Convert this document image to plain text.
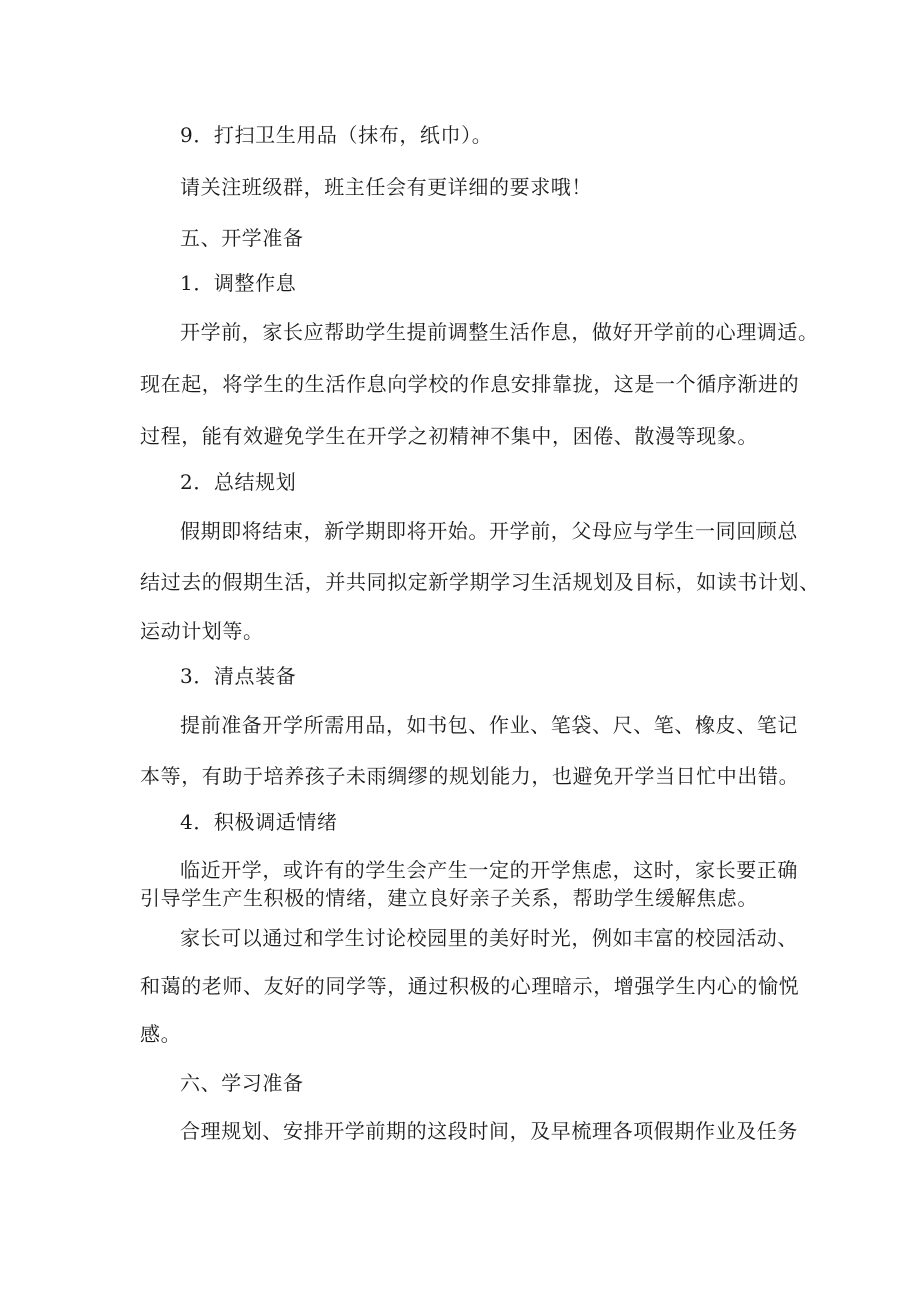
9．打扫卫生用品（抹布，纸巾）。
请关注班级群，班主任会有更详细的要求哦！
五、开学准备
1．调整作息
开学前，家长应帮助学生提前调整生活作息，做好开学前的心理调适。
现在起，将学生的生活作息向学校的作息安排靠拢，这是一个循序渐进的
过程，能有效避免学生在开学之初精神不集中，困倦、散漫等现象。
2．总结规划
假期即将结束，新学期即将开始。开学前，父母应与学生一同回顾总
结过去的假期生活，并共同拟定新学期学习生活规划及目标，如读书计划、
运动计划等。
3．清点装备
提前准备开学所需用品，如书包、作业、笔袋、尺、笔、橡皮、笔记
本等，有助于培养孩子未雨绸缪的规划能力，也避免开学当日忙中出错。
4．积极调适情绪
临近开学，或许有的学生会产生一定的开学焦虑，这时，家长要正确
引导学生产生积极的情绪，建立良好亲子关系，帮助学生缓解焦虑。
家长可以通过和学生讨论校园里的美好时光，例如丰富的校园活动、
和蔼的老师、友好的同学等，通过积极的心理暗示，增强学生内心的愉悦
感。
六、学习准备
合理规划、安排开学前期的这段时间，及早梳理各项假期作业及任务
